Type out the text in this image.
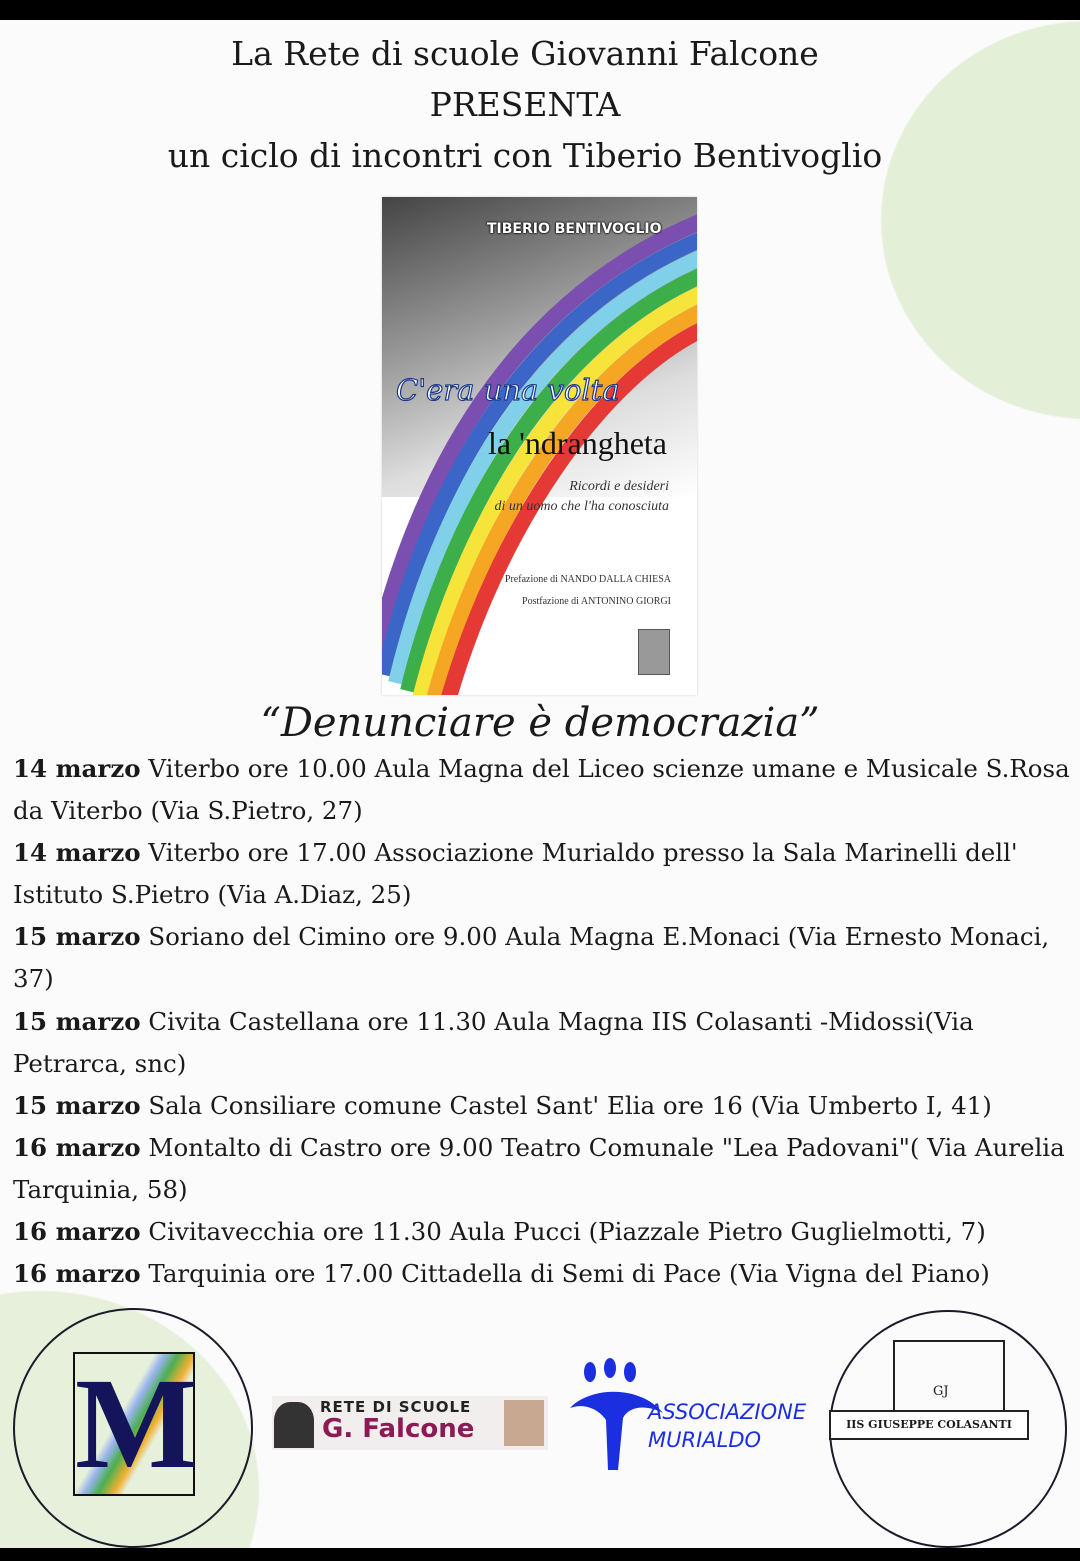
La Rete di scuole Giovanni Falcone
PRESENTA
un ciclo di incontri con Tiberio Bentivoglio
TIBERIO BENTIVOGLIO
C'era una volta
la 'ndrangheta
Ricordi e desideri
di un uomo che l'ha conosciuta
Prefazione di NANDO DALLA CHIESA
Postfazione di ANTONINO GIORGI
“Denunciare è democrazia”

14 marzo Viterbo ore 10.00 Aula Magna del Liceo scienze umane e Musicale S.Rosa da Viterbo (Via S.Pietro, 27)

14 marzo Viterbo ore 17.00 Associazione Murialdo presso la Sala Marinelli dell' Istituto S.Pietro (Via A.Diaz, 25)

15 marzo Soriano del Cimino ore 9.00 Aula Magna E.Monaci (Via Ernesto Monaci, 37)

15 marzo Civita Castellana ore 11.30 Aula Magna IIS Colasanti -Midossi(Via Petrarca, snc)

15 marzo Sala Consiliare comune Castel Sant' Elia ore 16 (Via Umberto I, 41)

16 marzo Montalto di Castro ore 9.00 Teatro Comunale "Lea Padovani"( Via Aurelia Tarquinia, 58)

16 marzo Civitavecchia ore 11.30 Aula Pucci (Piazzale Pietro Guglielmotti, 7)

16 marzo Tarquinia ore 17.00 Cittadella di Semi di Pace (Via Vigna del Piano)

M	RETE DI SCUOLE
G. Falcone
ASSOCIAZIONE
MURIALDO
GJ
IIS GIUSEPPE COLASANTI
